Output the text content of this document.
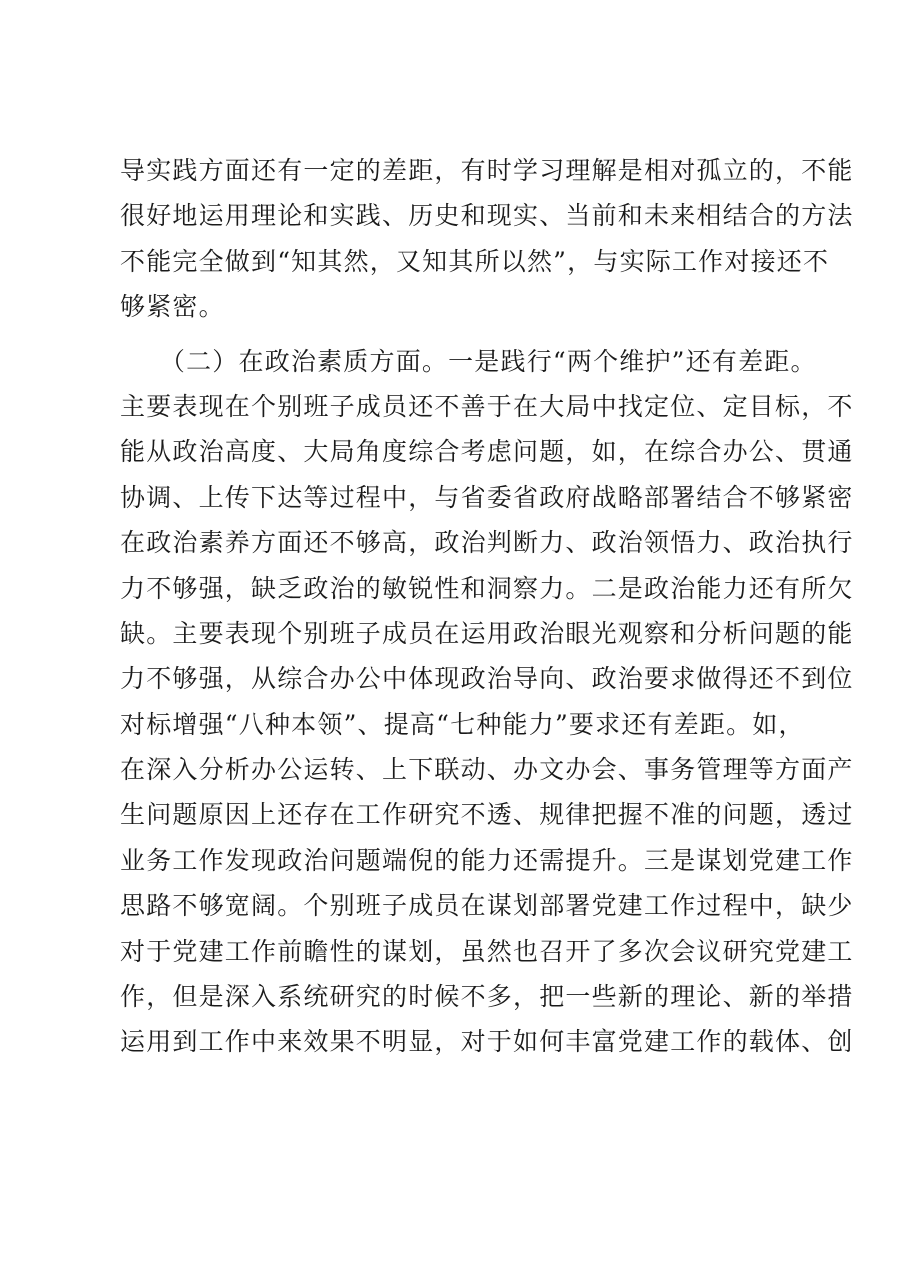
导实践方面还有一定的差距，有时学习理解是相对孤立的，不能
很好地运用理论和实践、历史和现实、当前和未来相结合的方法
不能完全做到“知其然，又知其所以然”，与实际工作对接还不
够紧密。
　　（二）在政治素质方面。一是践行“两个维护”还有差距。
主要表现在个别班子成员还不善于在大局中找定位、定目标，不
能从政治高度、大局角度综合考虑问题，如，在综合办公、贯通
协调、上传下达等过程中，与省委省政府战略部署结合不够紧密
在政治素养方面还不够高，政治判断力、政治领悟力、政治执行
力不够强，缺乏政治的敏锐性和洞察力。二是政治能力还有所欠
缺。主要表现个别班子成员在运用政治眼光观察和分析问题的能
力不够强，从综合办公中体现政治导向、政治要求做得还不到位
对标增强“八种本领”、提高“七种能力”要求还有差距。如，
在深入分析办公运转、上下联动、办文办会、事务管理等方面产
生问题原因上还存在工作研究不透、规律把握不准的问题，透过
业务工作发现政治问题端倪的能力还需提升。三是谋划党建工作
思路不够宽阔。个别班子成员在谋划部署党建工作过程中，缺少
对于党建工作前瞻性的谋划，虽然也召开了多次会议研究党建工
作，但是深入系统研究的时候不多，把一些新的理论、新的举措
运用到工作中来效果不明显，对于如何丰富党建工作的载体、创
